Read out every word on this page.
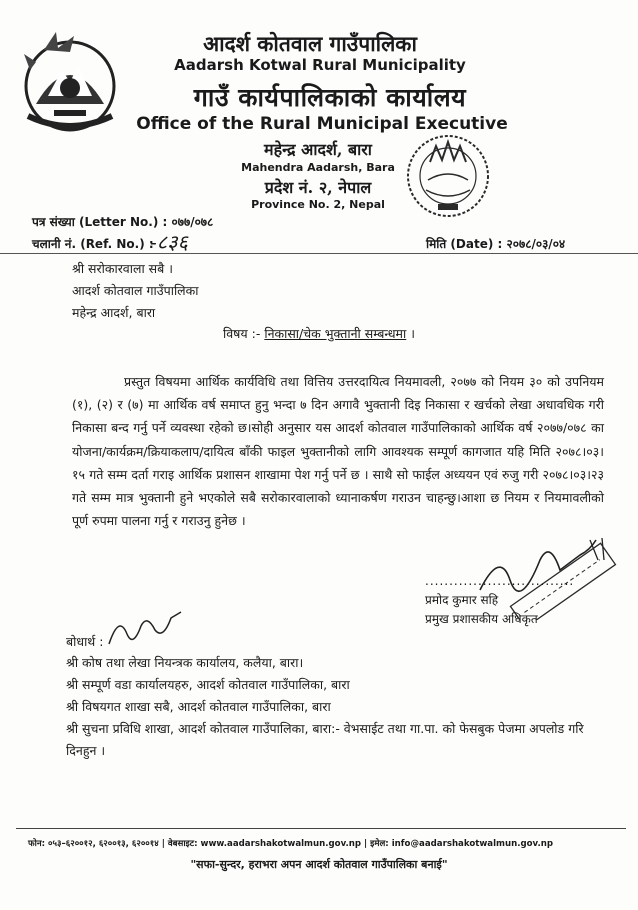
आदर्श कोतवाल गाउँपालिका
Aadarsh Kotwal Rural Municipality
गाउँ कार्यपालिकाको कार्यालय
Office of the Rural Municipal Executive
महेन्द्र आदर्श, बारा
Mahendra Aadarsh, Bara
प्रदेश नं. २, नेपाल
Province No. 2, Nepal
पत्र संख्या (Letter No.) : ०७७/०७८
चलानी नं. (Ref. No.) :
-८३६	मिति (Date) : २०७८/०३/०४
श्री सरोकारवाला सबै ।
आदर्श कोतवाल गाउँपालिका
महेन्द्र आदर्श, बारा
विषय :- निकासा/चेक भुक्तानी सम्बन्धमा ।
प्रस्तुत विषयमा आर्थिक कार्यविधि तथा वित्तिय उत्तरदायित्व नियमावली, २०७७ को नियम ३० को उपनियम (१), (२) र (७) मा आर्थिक वर्ष समाप्त हुनु भन्दा ७ दिन अगावै भुक्तानी दिइ निकासा र खर्चको लेखा अधावधिक गरी निकासा बन्द गर्नु पर्ने व्यवस्था रहेको छ।सोही अनुसार यस आदर्श कोतवाल गाउँपालिकाको आर्थिक वर्ष २०७७/०७८ का योजना/कार्यक्रम/क्रियाकलाप/दायित्व बाँकी फाइल भुक्तानीको लागि आवश्यक सम्पूर्ण कागजात यहि मिति २०७८।०३।१५ गते सम्म दर्ता गराइ आर्थिक प्रशासन शाखामा पेश गर्नु पर्ने छ । साथै सो फाईल अध्ययन एवं रुजु गरी २०७८।०३।२३ गते सम्म मात्र भुक्तानी हुने भएकोले सबै सरोकारवालाको ध्यानाकर्षण गराउन चाहन्छु।आशा छ नियम र नियमावलीको पूर्ण रुपमा पालना गर्नु र गराउनु हुनेछ ।
...............................
प्रमोद कुमार सहि
प्रमुख प्रशासकीय अधिकृत
बोधार्थ :
श्री कोष तथा लेखा नियन्त्रक कार्यालय, कलैया, बारा।
श्री सम्पूर्ण वडा कार्यालयहरु, आदर्श कोतवाल गाउँपालिका, बारा
श्री विषयगत शाखा सबै, आदर्श कोतवाल गाउँपालिका, बारा
श्री सुचना प्रविधि शाखा, आदर्श कोतवाल गाउँपालिका, बारा:- वेभसाईट तथा गा.पा. को फेसबुक पेजमा अपलोड गरि दिनहुन ।
फोन: ०५३–६२००१२, ६२००१३, ६२००१४ | वेबसाइट: www.aadarshakotwalmun.gov.np | इमेल: info@aadarshakotwalmun.gov.np
"सफा-सुन्दर, हराभरा अपन आदर्श कोतवाल गाउँपालिका बनाई"
